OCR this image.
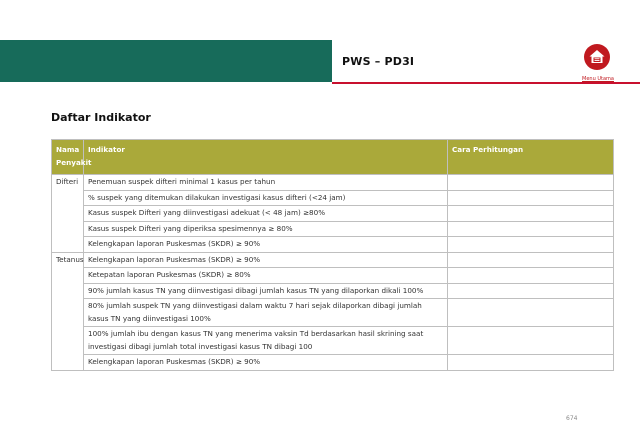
PWS – PD3I
Menu Utama
Daftar Indikator
Nama Penyakit	Indikator	Cara Perhitungan
Difteri	Penemuan suspek difteri minimal 1 kasus per tahun	
	% suspek yang ditemukan dilakukan investigasi kasus difteri (<24 jam)	
	Kasus suspek Difteri yang diinvestigasi adekuat (< 48 jam) ≥80%	
	Kasus suspek Difteri yang diperiksa spesimennya ≥ 80%	
	Kelengkapan laporan Puskesmas (SKDR) ≥ 90%	
Tetanus	Kelengkapan laporan Puskesmas (SKDR) ≥ 90%	
	Ketepatan laporan Puskesmas (SKDR) ≥ 80%	
	90% jumlah kasus TN yang diinvestigasi dibagi jumlah kasus TN yang dilaporkan dikali 100%	
	80% jumlah suspek TN yang diinvestigasi dalam waktu 7 hari sejak dilaporkan dibagi jumlah kasus TN yang diinvestigasi 100%	
	100% jumlah ibu dengan kasus TN yang menerima vaksin Td berdasarkan hasil skrining saat investigasi dibagi jumlah total investigasi kasus TN dibagi 100	
	Kelengkapan laporan Puskesmas (SKDR) ≥ 90%	
674
